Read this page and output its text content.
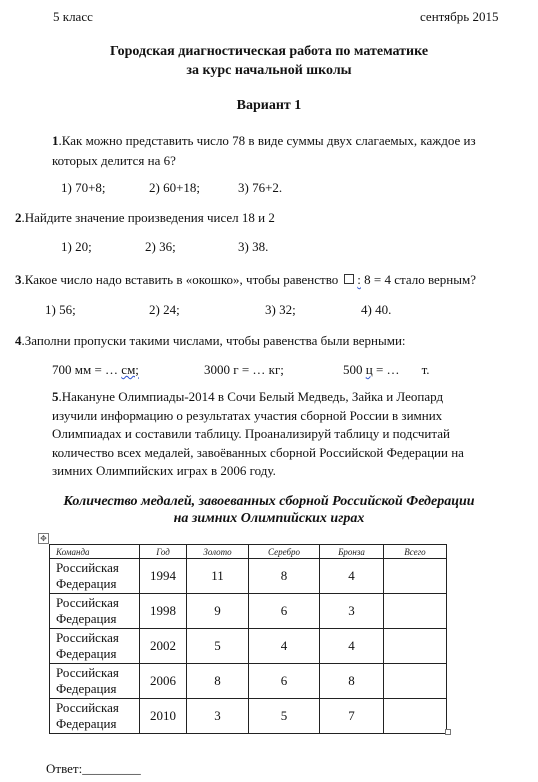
5 класс	сентябрь 2015
Городская диагностическая работа по математике
за курс начальной школы
Вариант 1
1.Как можно представить число 78 в виде суммы двух слагаемых, каждое из
которых делится на 6?
1) 70+8;	2) 60+18;	3) 76+2.
2.Найдите значение произведения чисел 18 и 2
1) 20;	2) 36;	3) 38.
3.Какое число надо вставить в «окошко», чтобы равенство : 8 = 4 стало верным?
1) 56;	2) 24;	3) 32;	4) 40.
4.Заполни пропуски такими числами, чтобы равенства были верными:
700 мм = … см;	3000 г = … кг;	500 ц = … т.
5.Накануне Олимпиады-2014 в Сочи Белый Медведь, Зайка и Леопард
изучили информацию о результатах участия сборной России в зимних
Олимпиадах и составили таблицу. Проанализируй таблицу и подсчитай
количество всех медалей, завоёванных сборной Российской Федерации на
зимних Олимпийских играх в 2006 году.
Количество медалей, завоеванных сборной Российской Федерации
на зимних Олимпийских играх
✥
Команда	Год	Золото	Серебро	Бронза	Всего
Российская
Федерация	1994	11	8	4	
Российская
Федерация	1998	9	6	3	
Российская
Федерация	2002	5	4	4	
Российская
Федерация	2006	8	6	8	
Российская
Федерация	2010	3	5	7	
Ответ:_________
